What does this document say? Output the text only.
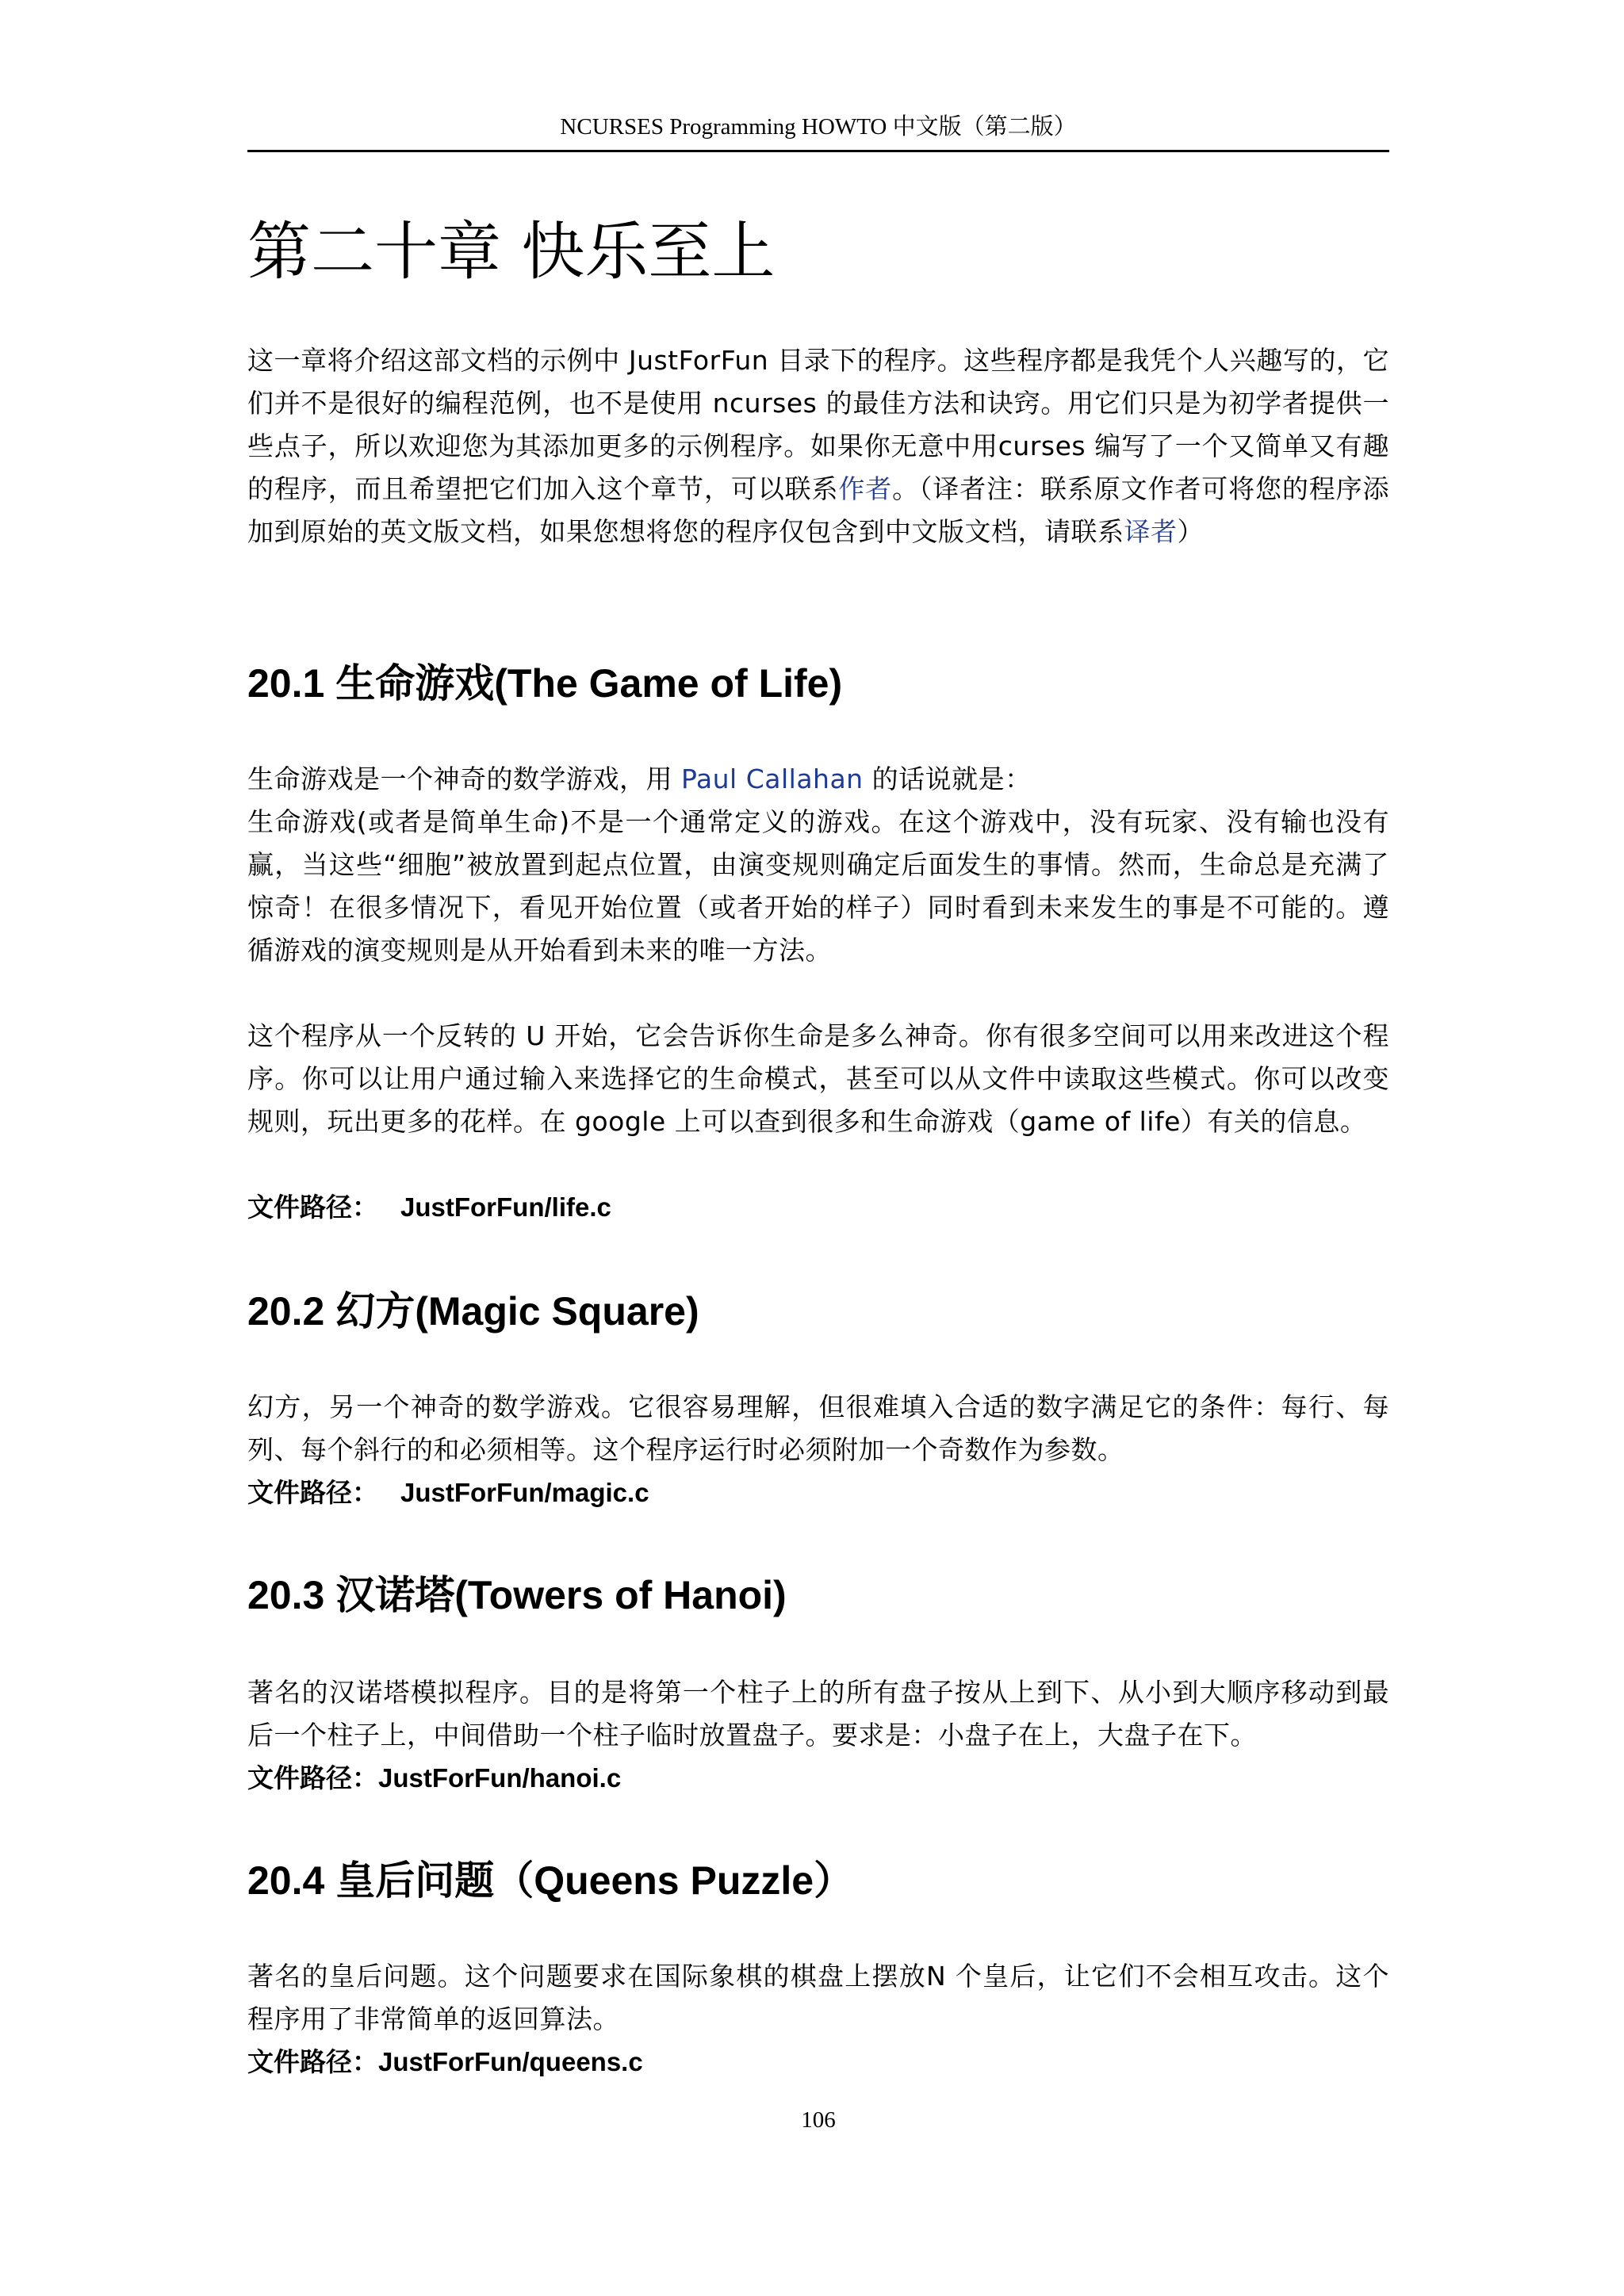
NCURSES Programming HOWTO 中文版（第二版）
第二十章 快乐至上

这一章将介绍这部文档的示例中 JustForFun 目录下的程序。这些程序都是我凭个人兴趣写的，它们并不是很好的编程范例，也不是使用 ncurses 的最佳方法和诀窍。用它们只是为初学者提供一些点子，所以欢迎您为其添加更多的示例程序。如果你无意中用curses 编写了一个又简单又有趣的程序，而且希望把它们加入这个章节，可以联系作者。（译者注：联系原文作者可将您的程序添加到原始的英文版文档，如果您想将您的程序仅包含到中文版文档，请联系译者）

20.1 生命游戏(The Game of Life)

生命游戏是一个神奇的数学游戏，用 Paul Callahan 的话说就是：

生命游戏(或者是简单生命)不是一个通常定义的游戏。在这个游戏中，没有玩家、没有输也没有赢，当这些“细胞”被放置到起点位置，由演变规则确定后面发生的事情。然而，生命总是充满了惊奇！在很多情况下，看见开始位置（或者开始的样子）同时看到未来发生的事是不可能的。遵循游戏的演变规则是从开始看到未来的唯一方法。

这个程序从一个反转的 U 开始，它会告诉你生命是多么神奇。你有很多空间可以用来改进这个程序。你可以让用户通过输入来选择它的生命模式，甚至可以从文件中读取这些模式。你可以改变规则，玩出更多的花样。在 google 上可以查到很多和生命游戏（game of life）有关的信息。

文件路径： JustForFun/life.c

20.2 幻方(Magic Square)

幻方，另一个神奇的数学游戏。它很容易理解，但很难填入合适的数字满足它的条件：每行、每列、每个斜行的和必须相等。这个程序运行时必须附加一个奇数作为参数。

文件路径： JustForFun/magic.c

20.3 汉诺塔(Towers of Hanoi)

著名的汉诺塔模拟程序。目的是将第一个柱子上的所有盘子按从上到下、从小到大顺序移动到最后一个柱子上，中间借助一个柱子临时放置盘子。要求是：小盘子在上，大盘子在下。

文件路径：JustForFun/hanoi.c

20.4 皇后问题（Queens Puzzle）

著名的皇后问题。这个问题要求在国际象棋的棋盘上摆放N 个皇后，让它们不会相互攻击。这个程序用了非常简单的返回算法。

文件路径：JustForFun/queens.c

106
